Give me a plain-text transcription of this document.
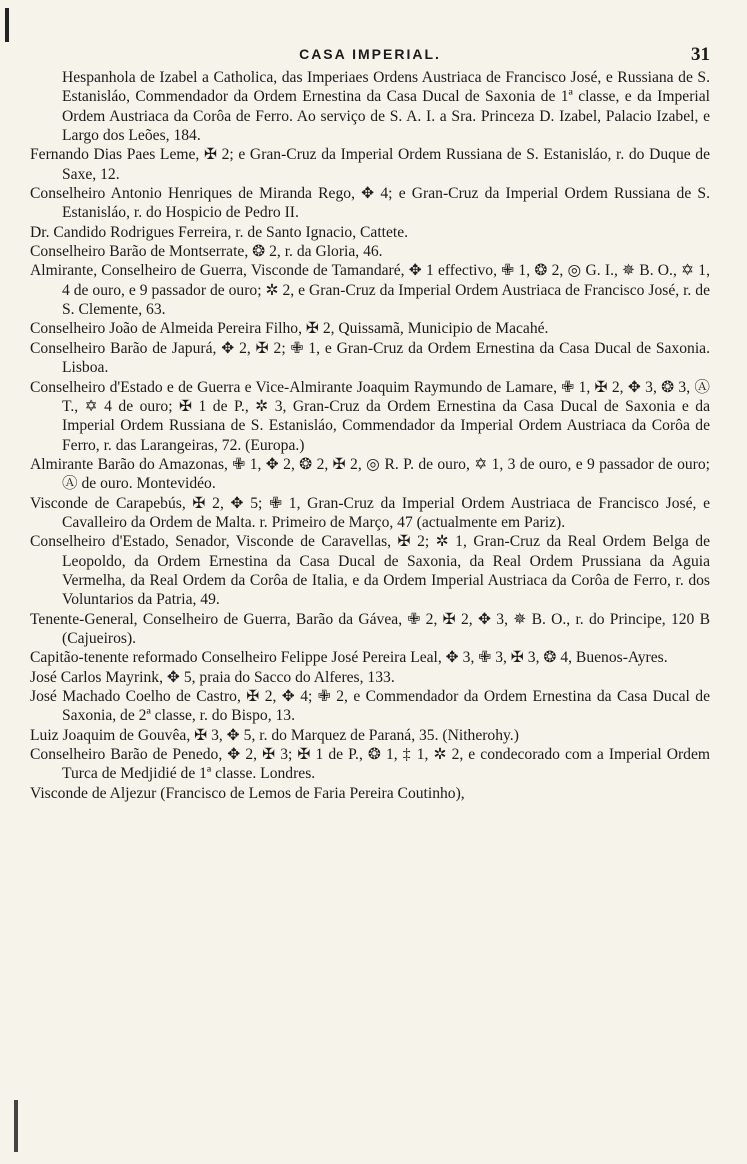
CASA IMPERIAL.	31

Hespanhola de Izabel a Catholica, das Imperiaes Ordens Austriaca de Francisco José, e Russiana de S. Estanisláo, Commendador da Ordem Ernestina da Casa Ducal de Saxonia de 1ª classe, e da Imperial Ordem Austriaca da Corôa de Ferro. Ao serviço de S. A. I. a Sra. Princeza D. Izabel, Palacio Izabel, e Largo dos Leões, 184.

Fernando Dias Paes Leme, ✠ 2; e Gran-Cruz da Imperial Ordem Russiana de S. Estanisláo, r. do Duque de Saxe, 12.

Conselheiro Antonio Henriques de Miranda Rego, ✥ 4; e Gran-Cruz da Imperial Ordem Russiana de S. Estanisláo, r. do Hospicio de Pedro II.

Dr. Candido Rodrigues Ferreira, r. de Santo Ignacio, Cattete.

Conselheiro Barão de Montserrate, ❂ 2, r. da Gloria, 46.

Almirante, Conselheiro de Guerra, Visconde de Tamandaré, ✥ 1 effectivo, ✙ 1, ❂ 2, ◎ G. I., ✵ B. O., ✡ 1, 4 de ouro, e 9 passador de ouro; ✲ 2, e Gran-Cruz da Imperial Ordem Austriaca de Francisco José, r. de S. Clemente, 63.

Conselheiro João de Almeida Pereira Filho, ✠ 2, Quissamã, Municipio de Macahé.

Conselheiro Barão de Japurá, ✥ 2, ✠ 2; ✙ 1, e Gran-Cruz da Ordem Ernestina da Casa Ducal de Saxonia. Lisboa.

Conselheiro d'Estado e de Guerra e Vice-Almirante Joaquim Raymundo de Lamare, ✙ 1, ✠ 2, ✥ 3, ❂ 3, Ⓐ T., ✡ 4 de ouro; ✠ 1 de P., ✲ 3, Gran-Cruz da Ordem Ernestina da Casa Ducal de Saxonia e da Imperial Ordem Russiana de S. Estanisláo, Commendador da Imperial Ordem Austriaca da Corôa de Ferro, r. das Larangeiras, 72. (Europa.)

Almirante Barão do Amazonas, ✙ 1, ✥ 2, ❂ 2, ✠ 2, ◎ R. P. de ouro, ✡ 1, 3 de ouro, e 9 passador de ouro; Ⓐ de ouro. Montevidéo.

Visconde de Carapebús, ✠ 2, ✥ 5; ✙ 1, Gran-Cruz da Imperial Ordem Austriaca de Francisco José, e Cavalleiro da Ordem de Malta. r. Primeiro de Março, 47 (actualmente em Pariz).

Conselheiro d'Estado, Senador, Visconde de Caravellas, ✠ 2; ✲ 1, Gran-Cruz da Real Ordem Belga de Leopoldo, da Ordem Ernestina da Casa Ducal de Saxonia, da Real Ordem Prussiana da Aguia Vermelha, da Real Ordem da Corôa de Italia, e da Ordem Imperial Austriaca da Corôa de Ferro, r. dos Voluntarios da Patria, 49.

Tenente-General, Conselheiro de Guerra, Barão da Gávea, ✙ 2, ✠ 2, ✥ 3, ✵ B. O., r. do Principe, 120 B (Cajueiros).

Capitão-tenente reformado Conselheiro Felippe José Pereira Leal, ✥ 3, ✙ 3, ✠ 3, ❂ 4, Buenos-Ayres.

José Carlos Mayrink, ✥ 5, praia do Sacco do Alferes, 133.

José Machado Coelho de Castro, ✠ 2, ✥ 4; ✙ 2, e Commendador da Ordem Ernestina da Casa Ducal de Saxonia, de 2ª classe, r. do Bispo, 13.

Luiz Joaquim de Gouvêa, ✠ 3, ✥ 5, r. do Marquez de Paraná, 35. (Nitherohy.)

Conselheiro Barão de Penedo, ✥ 2, ✠ 3; ✠ 1 de P., ❂ 1, ‡ 1, ✲ 2, e condecorado com a Imperial Ordem Turca de Medjidié de 1ª classe. Londres.

Visconde de Aljezur (Francisco de Lemos de Faria Pereira Coutinho),
